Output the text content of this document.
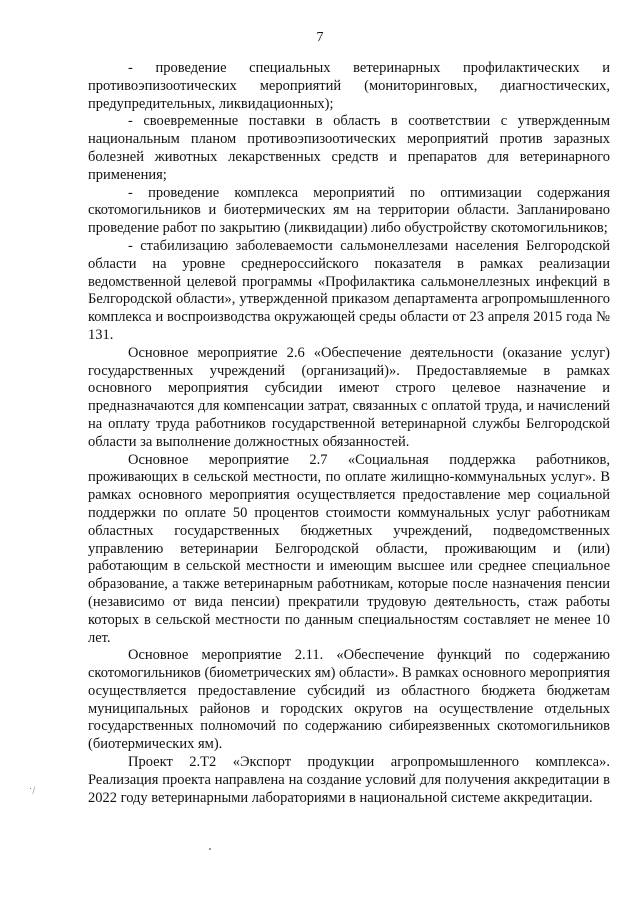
7

- проведение специальных ветеринарных профилактических и противоэпизоотических мероприятий (мониторинговых, диагностических, предупредительных, ликвидационных);

- своевременные поставки в область в соответствии с утвержденным национальным планом противоэпизоотических мероприятий против заразных болезней животных лекарственных средств и препаратов для ветеринарного применения;

- проведение комплекса мероприятий по оптимизации содержания скотомогильников и биотермических ям на территории области. Запланировано проведение работ по закрытию (ликвидации) либо обустройству скотомогильников;

- стабилизацию заболеваемости сальмонеллезами населения Белгородской области на уровне среднероссийского показателя в рамках реализации ведомственной целевой программы «Профилактика сальмонеллезных инфекций в Белгородской области», утвержденной приказом департамента агропромышленного комплекса и воспроизводства окружающей среды области от 23 апреля 2015 года № 131.

Основное мероприятие 2.6 «Обеспечение деятельности (оказание услуг) государственных учреждений (организаций)». Предоставляемые в рамках основного мероприятия субсидии имеют строго целевое назначение и предназначаются для компенсации затрат, связанных с оплатой труда, и начислений на оплату труда работников государственной ветеринарной службы Белгородской области за выполнение должностных обязанностей.

Основное мероприятие 2.7 «Социальная поддержка работников, проживающих в сельской местности, по оплате жилищно-коммунальных услуг». В рамках основного мероприятия осуществляется предоставление мер социальной поддержки по оплате 50 процентов стоимости коммунальных услуг работникам областных государственных бюджетных учреждений, подведомственных управлению ветеринарии Белгородской области, проживающим и (или) работающим в сельской местности и имеющим высшее или среднее специальное образование, а также ветеринарным работникам, которые после назначения пенсии (независимо от вида пенсии) прекратили трудовую деятельность, стаж работы которых в сельской местности по данным специальностям составляет не менее 10 лет.

Основное мероприятие 2.11. «Обеспечение функций по содержанию скотомогильников (биометрических ям) области». В рамках основного мероприятия осуществляется предоставление субсидий из областного бюджета бюджетам муниципальных районов и городских округов на осуществление отдельных государственных полномочий по содержанию сибиреязвенных скотомогильников (биотермических ям).

Проект 2.Т2 «Экспорт продукции агропромышленного комплекса». Реализация проекта направлена на создание условий для получения аккредитации в 2022 году ветеринарными лабораториями в национальной системе аккредитации.

˙∕
